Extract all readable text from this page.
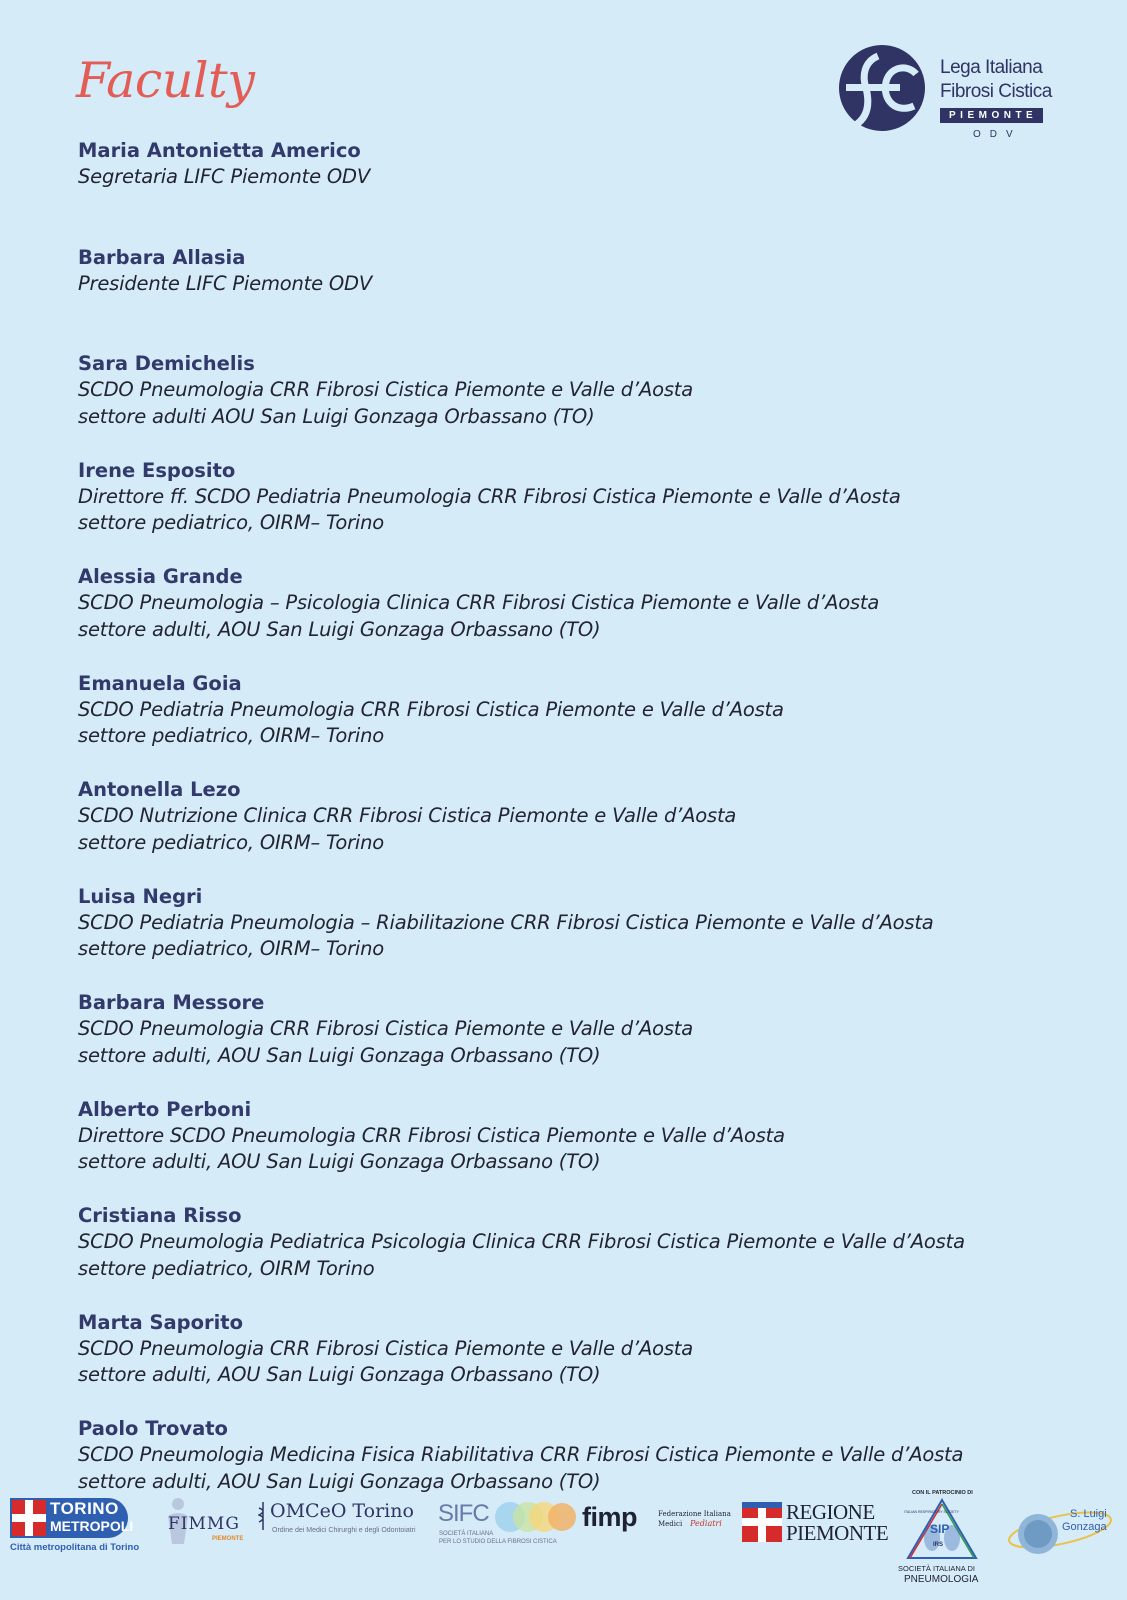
Faculty	Lega Italiana
Fibrosi Cistica
PIEMONTE
ODV
Maria Antonietta Americo
Segretaria LIFC Piemonte ODV
Barbara Allasia
Presidente LIFC Piemonte ODV
Sara Demichelis
SCDO Pneumologia CRR Fibrosi Cistica Piemonte e Valle d’Aosta
settore adulti AOU San Luigi Gonzaga Orbassano (TO)
Irene Esposito
Direttore ff. SCDO Pediatria Pneumologia CRR Fibrosi Cistica Piemonte e Valle d’Aosta
settore pediatrico, OIRM– Torino
Alessia Grande
SCDO Pneumologia – Psicologia Clinica CRR Fibrosi Cistica Piemonte e Valle d’Aosta
settore adulti, AOU San Luigi Gonzaga Orbassano (TO)
Emanuela Goia
SCDO Pediatria Pneumologia CRR Fibrosi Cistica Piemonte e Valle d’Aosta
settore pediatrico, OIRM– Torino
Antonella Lezo
SCDO Nutrizione Clinica CRR Fibrosi Cistica Piemonte e Valle d’Aosta
settore pediatrico, OIRM– Torino
Luisa Negri
SCDO Pediatria Pneumologia – Riabilitazione CRR Fibrosi Cistica Piemonte e Valle d’Aosta
settore pediatrico, OIRM– Torino
Barbara Messore
SCDO Pneumologia CRR Fibrosi Cistica Piemonte e Valle d’Aosta
settore adulti, AOU San Luigi Gonzaga Orbassano (TO)
Alberto Perboni
Direttore SCDO Pneumologia CRR Fibrosi Cistica Piemonte e Valle d’Aosta
settore adulti, AOU San Luigi Gonzaga Orbassano (TO)
Cristiana Risso
SCDO Pneumologia Pediatrica Psicologia Clinica CRR Fibrosi Cistica Piemonte e Valle d’Aosta
settore pediatrico, OIRM Torino
Marta Saporito
SCDO Pneumologia CRR Fibrosi Cistica Piemonte e Valle d’Aosta
settore adulti, AOU San Luigi Gonzaga Orbassano (TO)
Paolo Trovato
SCDO Pneumologia Medicina Fisica Riabilitativa CRR Fibrosi Cistica Piemonte e Valle d’Aosta
settore adulti, AOU San Luigi Gonzaga Orbassano (TO)
TORINO
METROPOLI
Città metropolitana di Torino
FIMMG
PIEMONTE
OMCeO Torino
Ordine dei Medici Chirurghi e degli Odontoiatri
SIFC
SOCIETÀ ITALIANA
PER LO STUDIO DELLA FIBROSI CISTICA
fimp	Federazione Italiana
Medici Pediatri	REGIONE
PIEMONTE
CON IL PATROCINIO DI
SIP
IRS
ITALIAN RESPIRATORY SOCIETY
SOCIETÀ ITALIANA DI
PNEUMOLOGIA
S. Luigi
Gonzaga
